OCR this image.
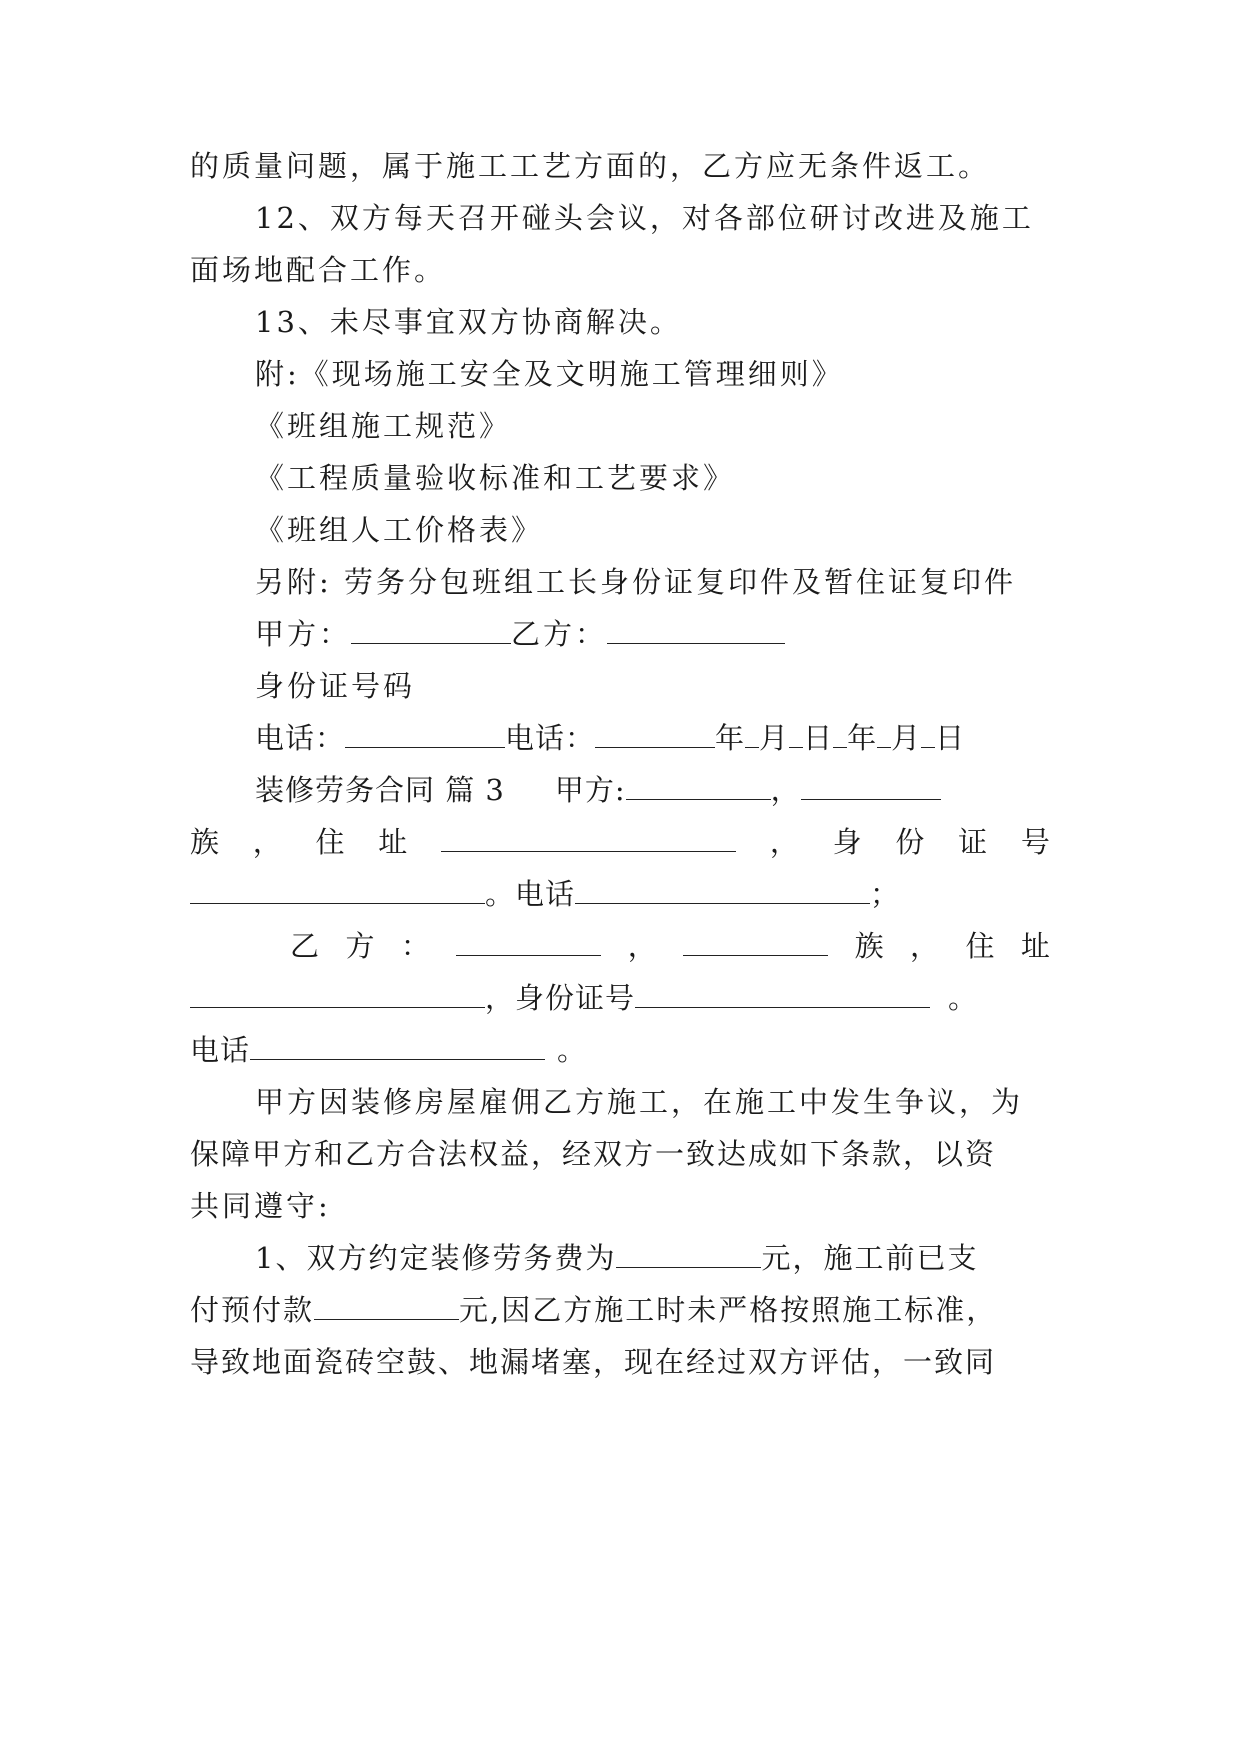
的质量问题，属于施工工艺方面的，乙方应无条件返工。
12、双方每天召开碰头会议，对各部位研讨改进及施工
面场地配合工作。
13、未尽事宜双方协商解决。
附:《现场施工安全及文明施工管理细则》
《班组施工规范》
《工程质量验收标准和工艺要求》
《班组人工价格表》
另附: 劳务分包班组工长身份证复印件及暂住证复印件
甲方：	乙方：
身份证号码
电话：	电话：	年 月 日 年 月 日
装修劳务合同 篇 3 甲方:	，
族 ， 住 址	， 身 份 证 号
。电话	；
乙 方 ：	，	族 ， 住 址
，身份证号	。
电话	。
甲方因装修房屋雇佣乙方施工，在施工中发生争议，为
保障甲方和乙方合法权益，经双方一致达成如下条款，以资
共同遵守:
1、双方约定装修劳务费为	元，施工前已支
付预付款	元,因乙方施工时未严格按照施工标准，
导致地面瓷砖空鼓、地漏堵塞，现在经过双方评估，一致同
